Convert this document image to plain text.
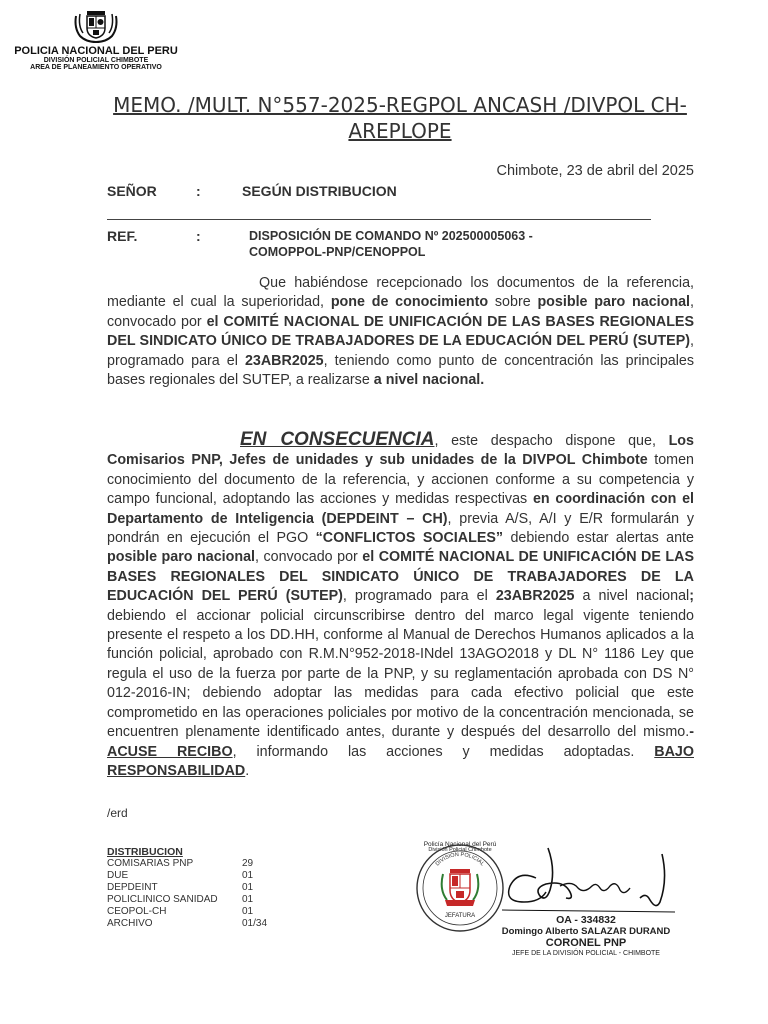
POLICIA NACIONAL DEL PERU
DIVISIÓN POLICIAL CHIMBOTE
AREA DE PLANEAMIENTO OPERATIVO
MEMO. /MULT. N°557-2025-REGPOL ANCASH /DIVPOL CH-
AREPLOPE
Chimbote, 23 de abril del 2025
SEÑOR	:	SEGÚN DISTRIBUCION
REF.	:	DISPOSICIÓN DE COMANDO Nº 202500005063 -
COMOPPOL-PNP/CENOPPOL
Que habiéndose recepcionado los documentos de la referencia, mediante el cual la superioridad, pone de conocimiento sobre posible paro nacional, convocado por el COMITÉ NACIONAL DE UNIFICACIÓN DE LAS BASES REGIONALES DEL SINDICATO ÚNICO DE TRABAJADORES DE LA EDUCACIÓN DEL PERÚ (SUTEP), programado para el 23ABR2025, teniendo como punto de concentración las principales bases regionales del SUTEP, a realizarse a nivel nacional.
EN CONSECUENCIA, este despacho dispone que, Los Comisarios PNP, Jefes de unidades y sub unidades de la DIVPOL Chimbote tomen conocimiento del documento de la referencia, y accionen conforme a su competencia y campo funcional, adoptando las acciones y medidas respectivas en coordinación con el Departamento de Inteligencia (DEPDEINT – CH), previa A/S, A/I y E/R formularán y pondrán en ejecución el PGO “CONFLICTOS SOCIALES” debiendo estar alertas ante posible paro nacional, convocado por el COMITÉ NACIONAL DE UNIFICACIÓN DE LAS BASES REGIONALES DEL SINDICATO ÚNICO DE TRABAJADORES DE LA EDUCACIÓN DEL PERÚ (SUTEP), programado para el 23ABR2025 a nivel nacional; debiendo el accionar policial circunscribirse dentro del marco legal vigente teniendo presente el respeto a los DD.HH, conforme al Manual de Derechos Humanos aplicados a la función policial, aprobado con R.M.N°952-2018-INdel 13AGO2018 y DL N° 1186 Ley que regula el uso de la fuerza por parte de la PNP, y su reglamentación aprobada con DS N° 012-2016-IN; debiendo adoptar las medidas para cada efectivo policial que este comprometido en las operaciones policiales por motivo de la concentración mencionada, se encuentren plenamente identificado antes, durante y después del desarrollo del mismo.- ACUSE RECIBO, informando las acciones y medidas adoptadas. BAJO RESPONSABILIDAD.
/erd
DISTRIBUCION
COMISARIAS PNP	29
DUE	01
DEPDEINT	01
POLICLINICO SANIDAD 01
CEOPOL-CH	01
ARCHIVO	01/34
Policía Nacional del Perú
División Policial Chimbote
DIVISIÓN POLICIAL
JEFATURA	OA - 334832
Domingo Alberto SALAZAR DURAND
CORONEL PNP
JEFE DE LA DIVISIÓN POLICIAL - CHIMBOTE
